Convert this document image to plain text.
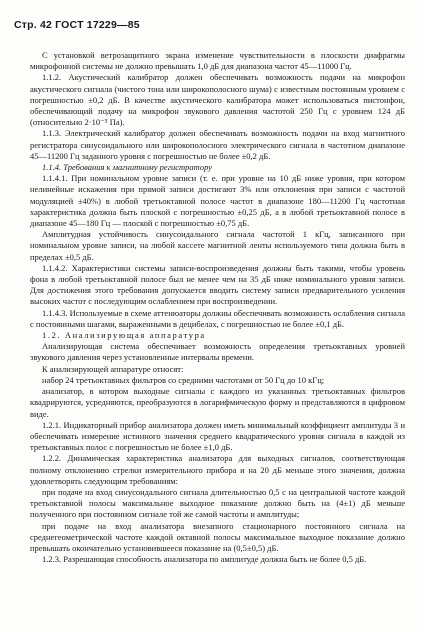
Стр. 42 ГОСТ 17229—85

С установкой ветрозащитного экрана изменение чувствительности в плоскости диафрагмы микрофонной системы не должно превышать 1,0 дБ для диапазона частот 45—11000 Гц.

1.1.2. Акустический калибратор должен обеспечивать возможность подачи на микрофон акустического сигнала (чистого тона или широкополосного шума) с известным постоянным уровнем с погрешностью ±0,2 дБ. В качестве акустического калибратора может использоваться пистонфон, обеспечивающий подачу на микрофон звукового давления частотой 250 Гц с уровнем 124 дБ (относительно 2·10⁻⁵ Па).

1.1.3. Электрический калибратор должен обеспечивать возможность подачи на вход магнитного регистратора синусоидального или широкополосного электрического сигнала в частотном диапазоне 45—11200 Гц заданного уровня с погрешностью не более ±0,2 дБ.

1.1.4. Требования к магнитному регистратору

1.1.4.1. При номинальном уровне записи (т. е. при уровне на 10 дБ ниже уровня, при котором нелинейные искажения при прямой записи достигают 3% или отклонения при записи с частотой модуляцией ±40%) в любой третьоктавной полосе частот в диапазоне 180—11200 Гц частотная характеристика должна быть плоской с погрешностью ±0,25 дБ, а в любой третьоктавной полосе в диапазоне 45—180 Гц — плоской с погрешностью ±0,75 дБ.

Амплитудная устойчивость синусоидального сигнала частотой 1 кГц, записанного при номинальном уровне записи, на любой кассете магнитной ленты используемого типа должна быть в пределах ±0,5 дБ.

1.1.4.2. Характеристики системы записи-воспроизведения должны быть такими, чтобы уровень фона в любой третьоктавной полосе был не менее чем на 35 дБ ниже номинального уровня записи. Для достижения этого требования допускается вводить систему записи предварительного усиления высоких частот с последующим ослаблением при воспроизведении.

1.1.4.3. Используемые в схеме аттенюаторы должны обеспечивать возможность ослабления сигнала с постоянными шагами, выраженными в децибелах, с погрешностью не более ±0,1 дБ.

1.2. Анализирующая аппаратура

Анализирующая система обеспечивает возможность определения третьоктавных уровней звукового давления через установленные интервалы времени.

К анализирующей аппаратуре относят:

набор 24 третьоктавных фильтров со средними частотами от 50 Гц до 10 кГц;

анализатор, в котором выходные сигналы с каждого из указанных третьоктавных фильтров квадрируются, усредняются, преобразуются в логарифмическую форму и представляются в цифровом виде.

1.2.1. Индикаторный прибор анализатора должен иметь минимальный коэффициент амплитуды 3 и обеспечивать измерение истинного значения среднего квадратического уровня сигнала в каждой из третьоктавных полос с погрешностью не более ±1,0 дБ.

1.2.2. Динамическая характеристика анализатора для выходных сигналов, соответствующая полному отклонению стрелки измерительного прибора и на 20 дБ меньше этого значения, должна удовлетворять следующим требованиям:

при подаче на вход синусоидального сигнала длительностью 0,5 с на центральной частоте каждой третьоктавной полосы максимальное выходное показание должно быть на (4±1) дБ меньше полученного при постоянном сигнале той же самой частоты и амплитуды;

при подаче на вход анализатора внезапного стационарного постоянного сигнала на среднегеометрической частоте каждой октавной полосы максимальное выходное показание должно превышать окончательно установившееся показание на (0,5±0,5) дБ.

1.2.3. Разрешающая способность анализатора по амплитуде должна быть не более 0,5 дБ.
